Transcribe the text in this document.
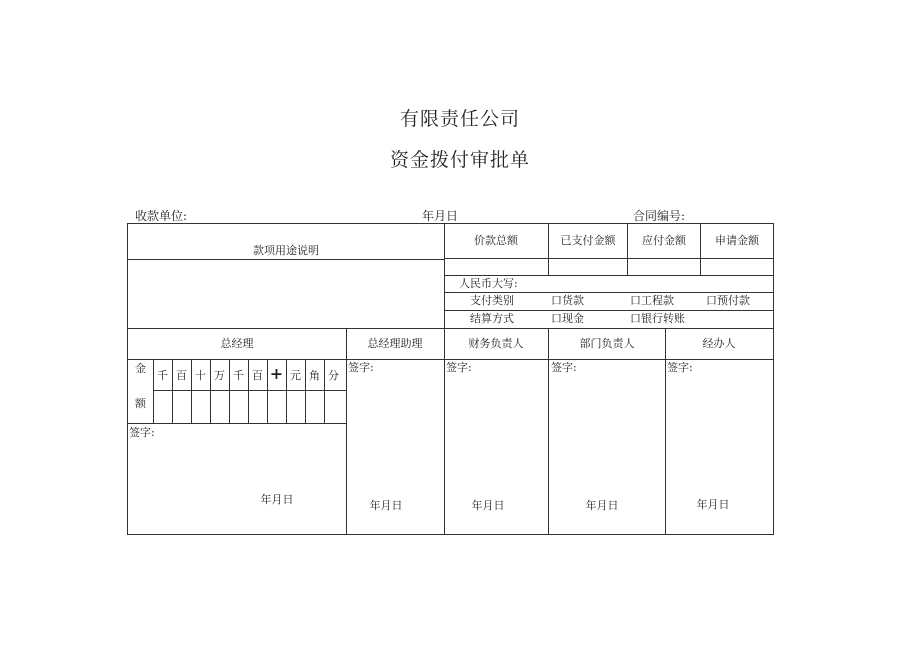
有限责任公司
资金拨付审批单
收款单位:	年月日	合同编号:
款项用途说明
价款总额	已支付金额 应付金额	申请金额
人民币大写:
支付类别	口货款	口工程款	口预付款
结算方式	口现金	口银行转账
总经理	总经理助理	财务负责人	部门负责人	经办人
金
额
千 百 十 万 千 百 + 元 角 分
签字:
签字:	签字:	签字:	签字:
年月日	年月日	年月日	年月日	年月日
